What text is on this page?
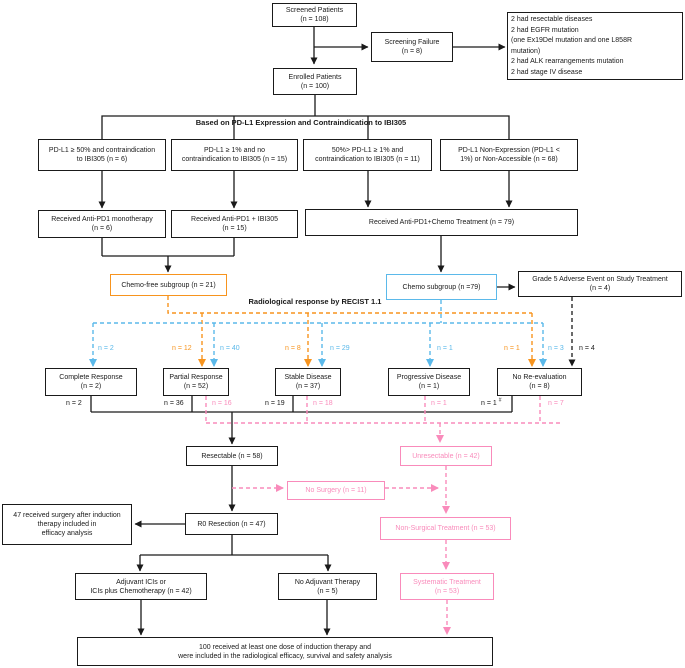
Based on PD-L1 Expression and Contraindication to IBI305
Radiological response by RECIST 1.1
Screened Patients
(n = 108)
Screening Failure
(n = 8)
2 had resectable diseases
2 had EGFR mutation
(one Ex19Del mutation and one L858R
mutation)
2 had ALK rearrangements mutation
2 had stage IV disease
Enrolled Patients
(n = 100)
PD-L1 ≥ 50% and contraindication
to IBI305 (n = 6)
PD-L1 ≥ 1% and no
contraindication to IBI305 (n = 15)
50%> PD-L1 ≥ 1% and
contraindication to IBI305 (n = 11)
PD-L1 Non-Expression (PD-L1 <
1%) or Non-Accessible (n = 68)
Received Anti-PD1 monotherapy
(n = 6)
Received Anti-PD1 + IBI305
(n = 15)
Received Anti-PD1+Chemo Treatment (n = 79)
Chemo-free subgroup (n = 21)	Chemo subgroup (n =79)
Grade 5 Adverse Event on Study Treatment
(n = 4)
n = 2	n = 12	n = 40	n = 8	n = 29	n = 1	n = 1	n = 3 n = 4
Complete Response
(n = 2)
Partial Response
(n = 52)
Stable Disease
(n = 37)
Progressive Disease
(n = 1)
No Re-evaluation
(n = 8)
n = 2	n = 36	n = 16	n = 19	n = 18	n = 1	n = 1 #	n = 7
Resectable (n = 58)	Unresectable (n = 42)
No Surgery (n = 11)
47 received surgery after induction
therapy included in
efficacy analysis
R0 Resection (n = 47)
Non-Surgical Treatment (n = 53)
Adjuvant ICIs or
ICIs plus Chemotherapy (n = 42)
No Adjuvant Therapy
(n = 5)
Systematic Treatment
(n = 53)
100 received at least one dose of induction therapy and
were included in the radiological efficacy, survival and safety analysis
